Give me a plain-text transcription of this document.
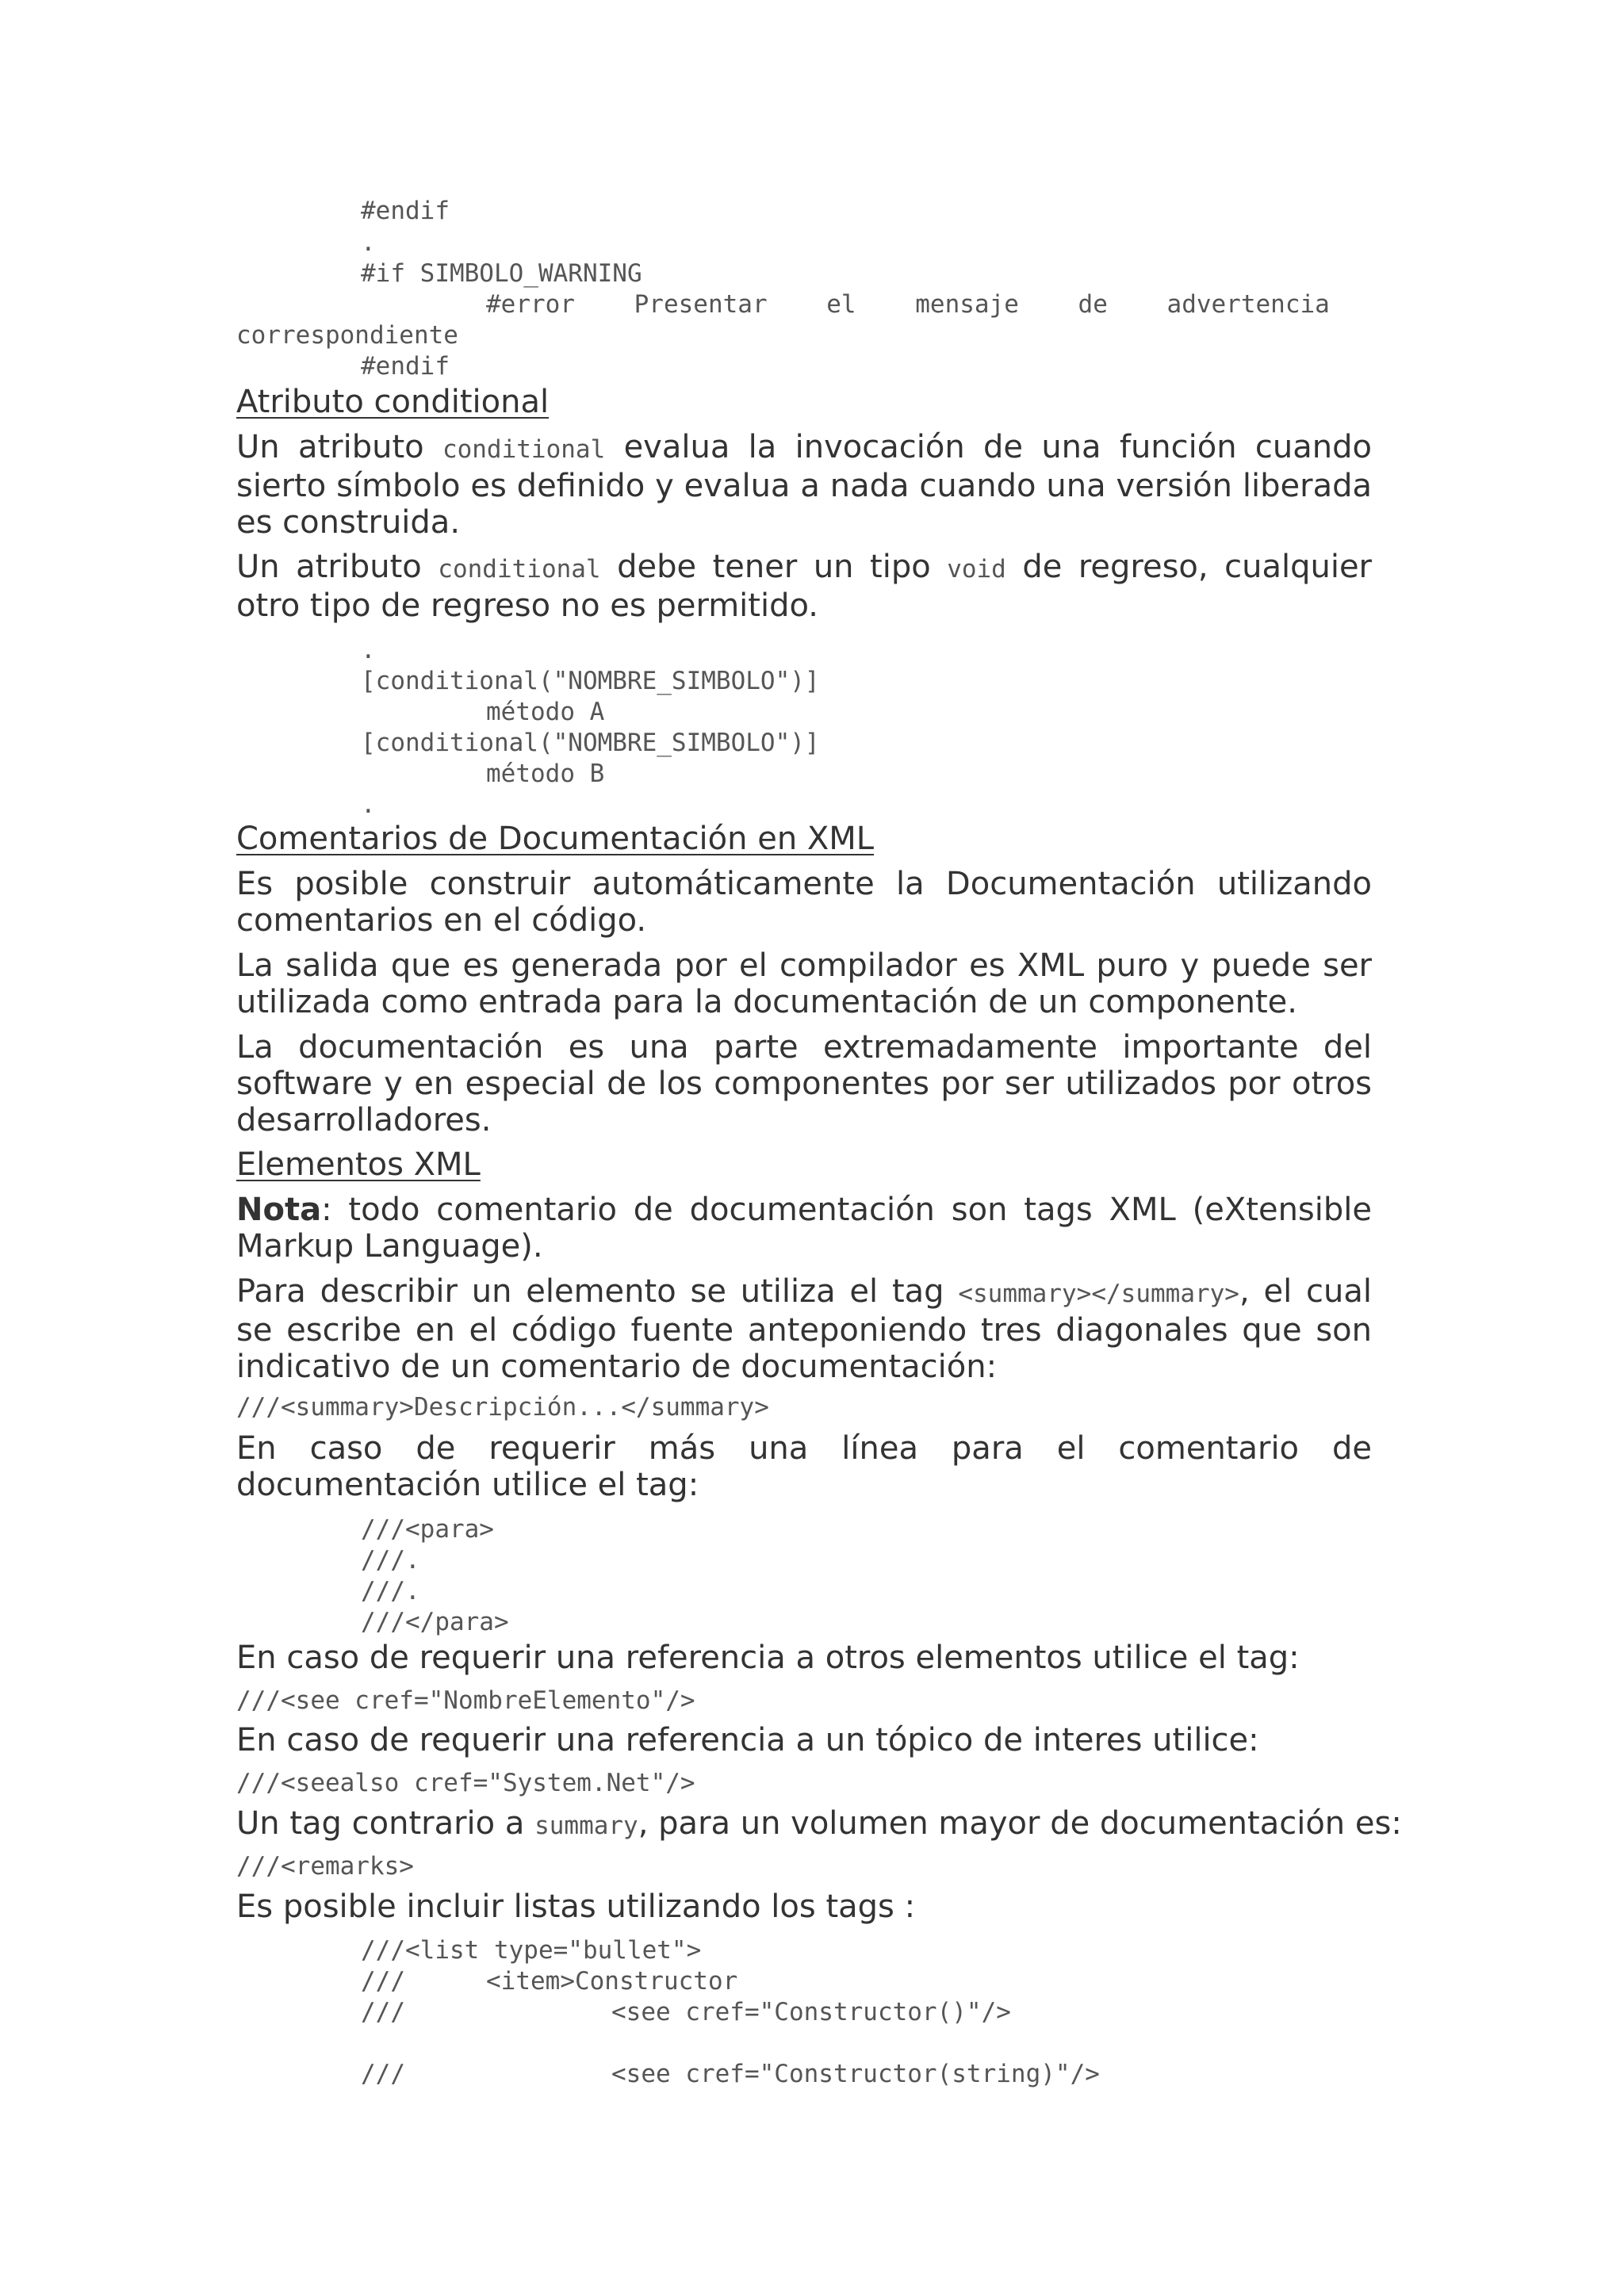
#endif
.
#if SIMBOLO_WARNING
#error    Presentar    el    mensaje    de    advertencia
correspondiente
#endif
Atributo conditional

Un atributo conditional evalua la invocación de una función cuando sierto símbolo es definido y evalua a nada cuando una versión liberada es construida.

Un atributo conditional debe tener un tipo void de regreso, cualquier otro tipo de regreso no es permitido.

.
[conditional("NOMBRE_SIMBOLO")]
método A
[conditional("NOMBRE_SIMBOLO")]
método B
.
Comentarios de Documentación en XML

Es posible construir automáticamente la Documentación utilizando comentarios en el código.

La salida que es generada por el compilador es XML puro y puede ser utilizada como entrada para la documentación de un componente.

La documentación es una parte extremadamente importante del software y en especial de los componentes por ser utilizados por otros desarrolladores.

Elementos XML

Nota: todo comentario de documentación son tags XML (eXtensible Markup Language).

Para describir un elemento se utiliza el tag <summary></summary>, el cual se escribe en el código fuente anteponiendo tres diagonales que son indicativo de un comentario de documentación:

///<summary>Descripción...</summary>

En caso de requerir más una línea para el comentario de documentación utilice el tag:

///<para>
///.
///.
///</para>
En caso de requerir una referencia a otros elementos utilice el tag:
///<see cref="NombreElemento"/>
En caso de requerir una referencia a un tópico de interes utilice:
///<seealso cref="System.Net"/>
Un tag contrario a summary, para un volumen mayor de documentación es:
///<remarks>
Es posible incluir listas utilizando los tags :
///<list type="bullet">
///	<item>Constructor
///	<see cref="Constructor()"/>
///	<see cref="Constructor(string)"/>
